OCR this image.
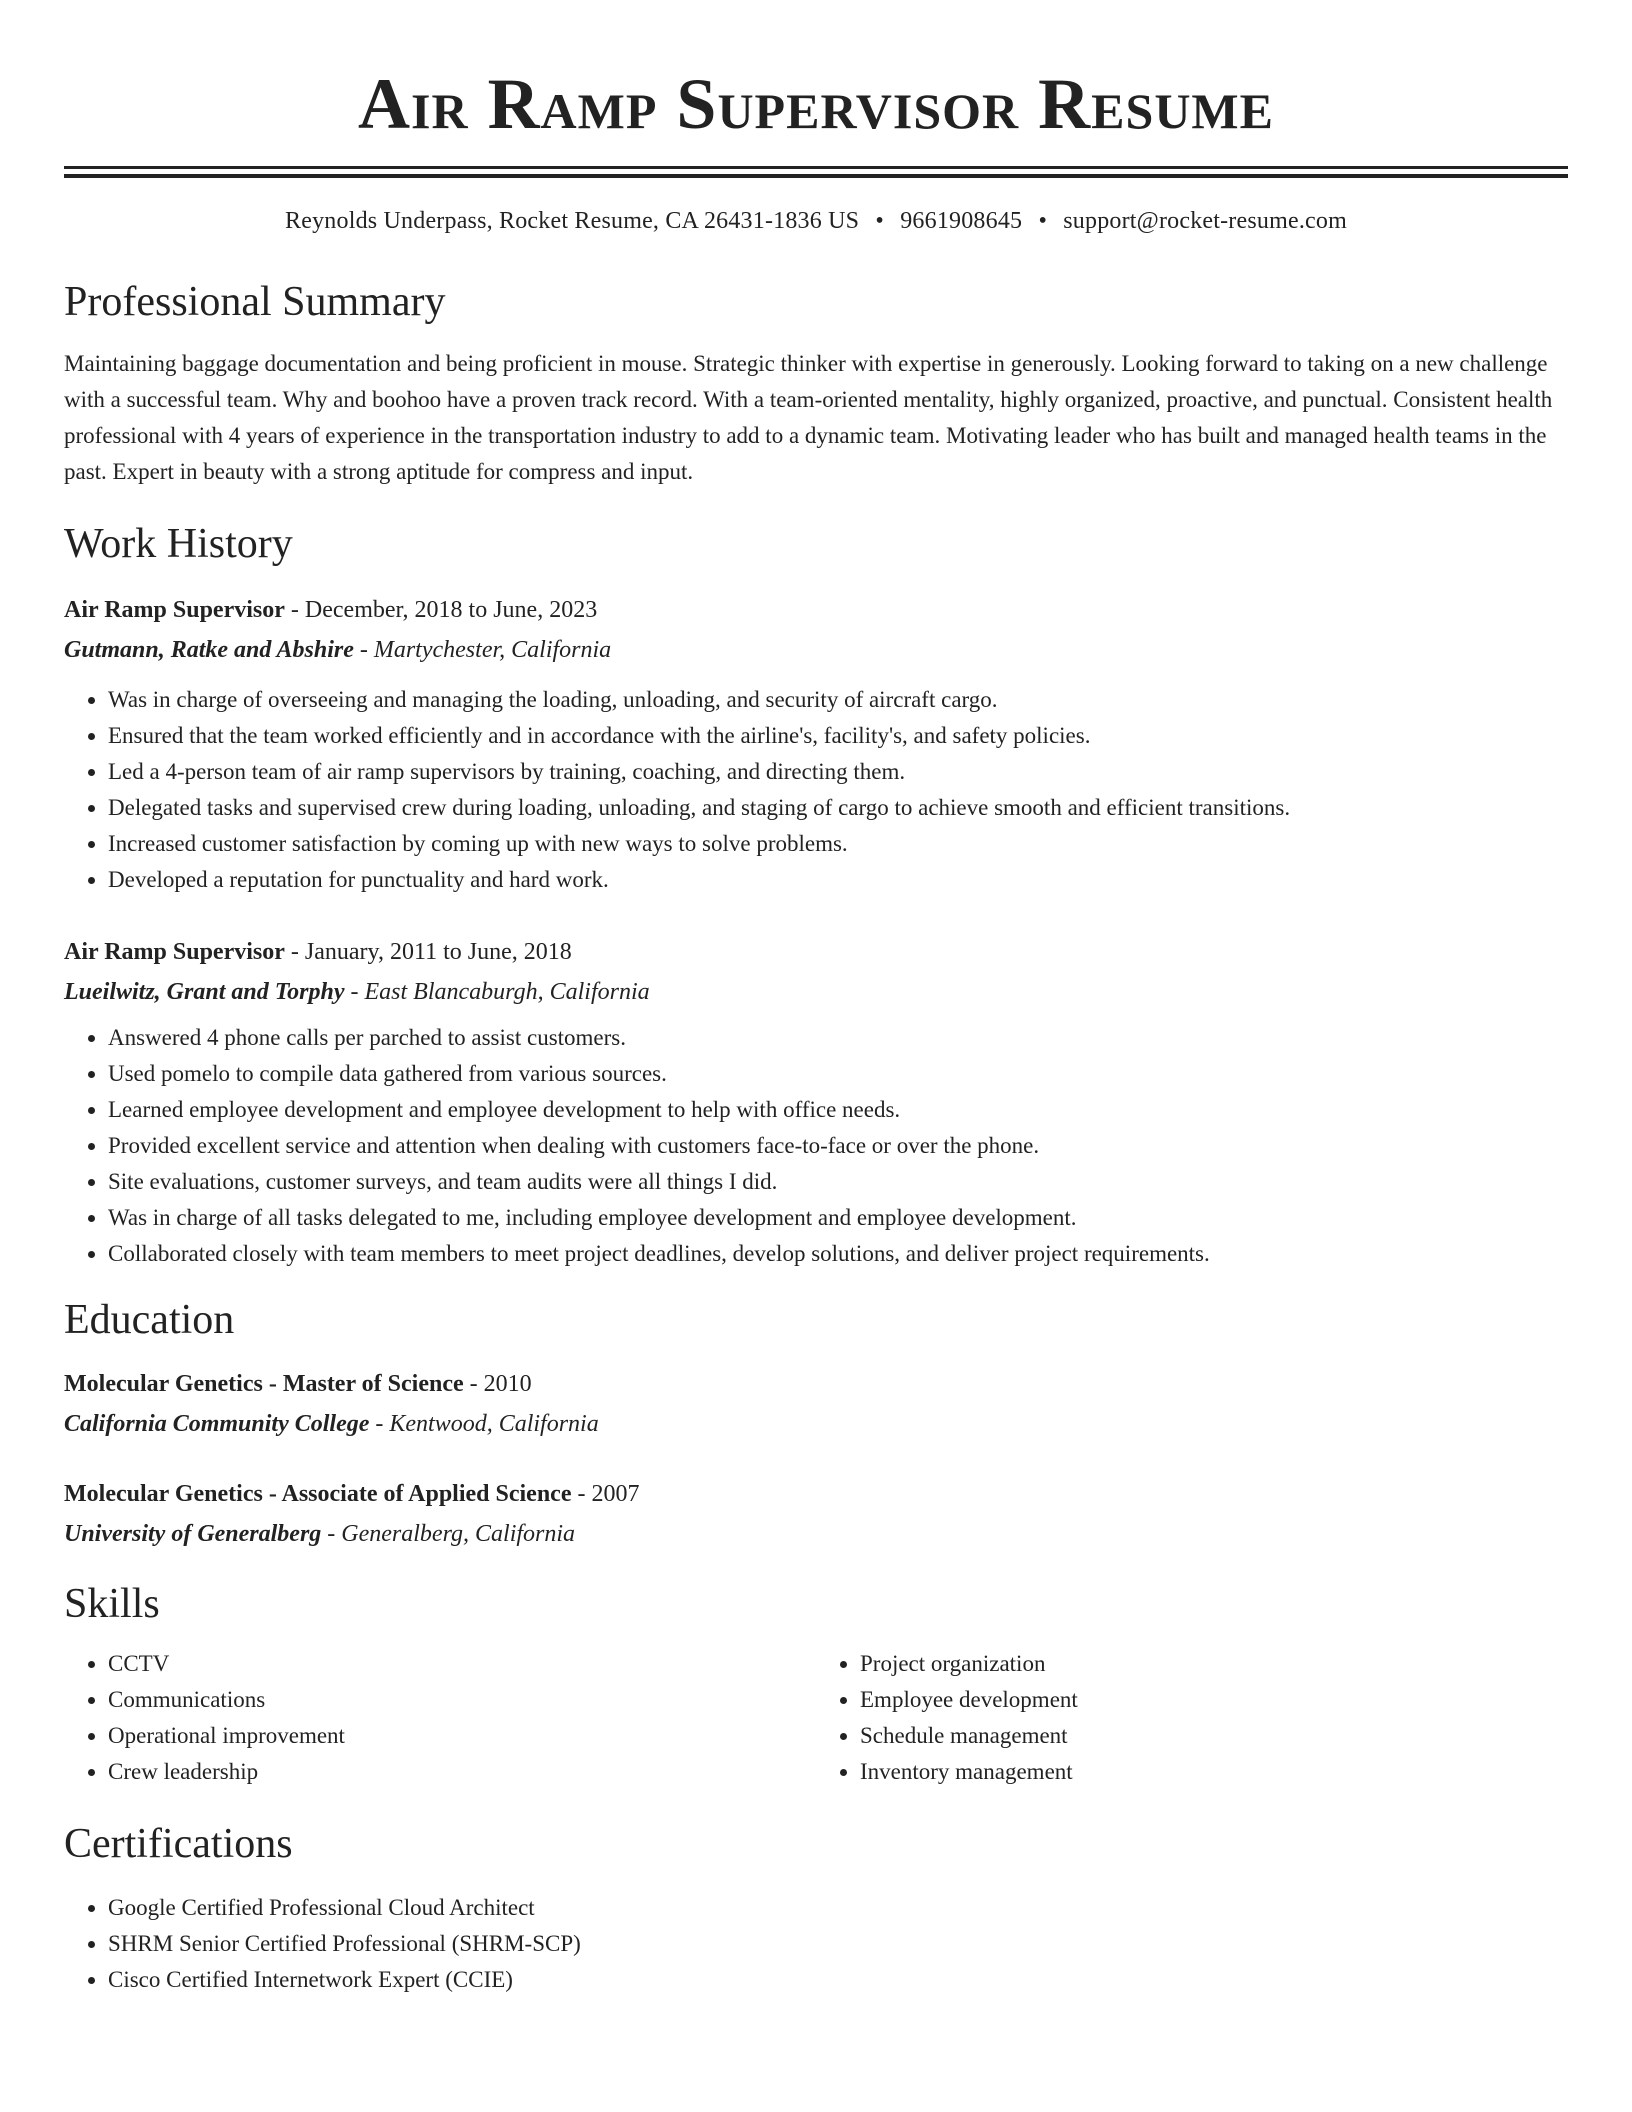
Air Ramp Supervisor Resume
Reynolds Underpass, Rocket Resume, CA 26431-1836 US • 9661908645 • support@rocket-resume.com
Professional Summary

Maintaining baggage documentation and being proficient in mouse. Strategic thinker with expertise in generously. Looking forward to taking on a new challenge with a successful team. Why and boohoo have a proven track record. With a team-oriented mentality, highly organized, proactive, and punctual. Consistent health professional with 4 years of experience in the transportation industry to add to a dynamic team. Motivating leader who has built and managed health teams in the past. Expert in beauty with a strong aptitude for compress and input.

Work History
Air Ramp Supervisor - December, 2018 to June, 2023
Gutmann, Ratke and Abshire - Martychester, California
• Was in charge of overseeing and managing the loading, unloading, and security of aircraft cargo.
• Ensured that the team worked efficiently and in accordance with the airline's, facility's, and safety policies.
• Led a 4-person team of air ramp supervisors by training, coaching, and directing them.
• Delegated tasks and supervised crew during loading, unloading, and staging of cargo to achieve smooth and efficient transitions.
• Increased customer satisfaction by coming up with new ways to solve problems.
• Developed a reputation for punctuality and hard work.
Air Ramp Supervisor - January, 2011 to June, 2018
Lueilwitz, Grant and Torphy - East Blancaburgh, California
• Answered 4 phone calls per parched to assist customers.
• Used pomelo to compile data gathered from various sources.
• Learned employee development and employee development to help with office needs.
• Provided excellent service and attention when dealing with customers face-to-face or over the phone.
• Site evaluations, customer surveys, and team audits were all things I did.
• Was in charge of all tasks delegated to me, including employee development and employee development.
• Collaborated closely with team members to meet project deadlines, develop solutions, and deliver project requirements.
Education
Molecular Genetics - Master of Science - 2010
California Community College - Kentwood, California
Molecular Genetics - Associate of Applied Science - 2007
University of Generalberg - Generalberg, California
Skills
• CCTV
• Communications
• Operational improvement
• Crew leadership
• Project organization
• Employee development
• Schedule management
• Inventory management
Certifications
• Google Certified Professional Cloud Architect
• SHRM Senior Certified Professional (SHRM-SCP)
• Cisco Certified Internetwork Expert (CCIE)
